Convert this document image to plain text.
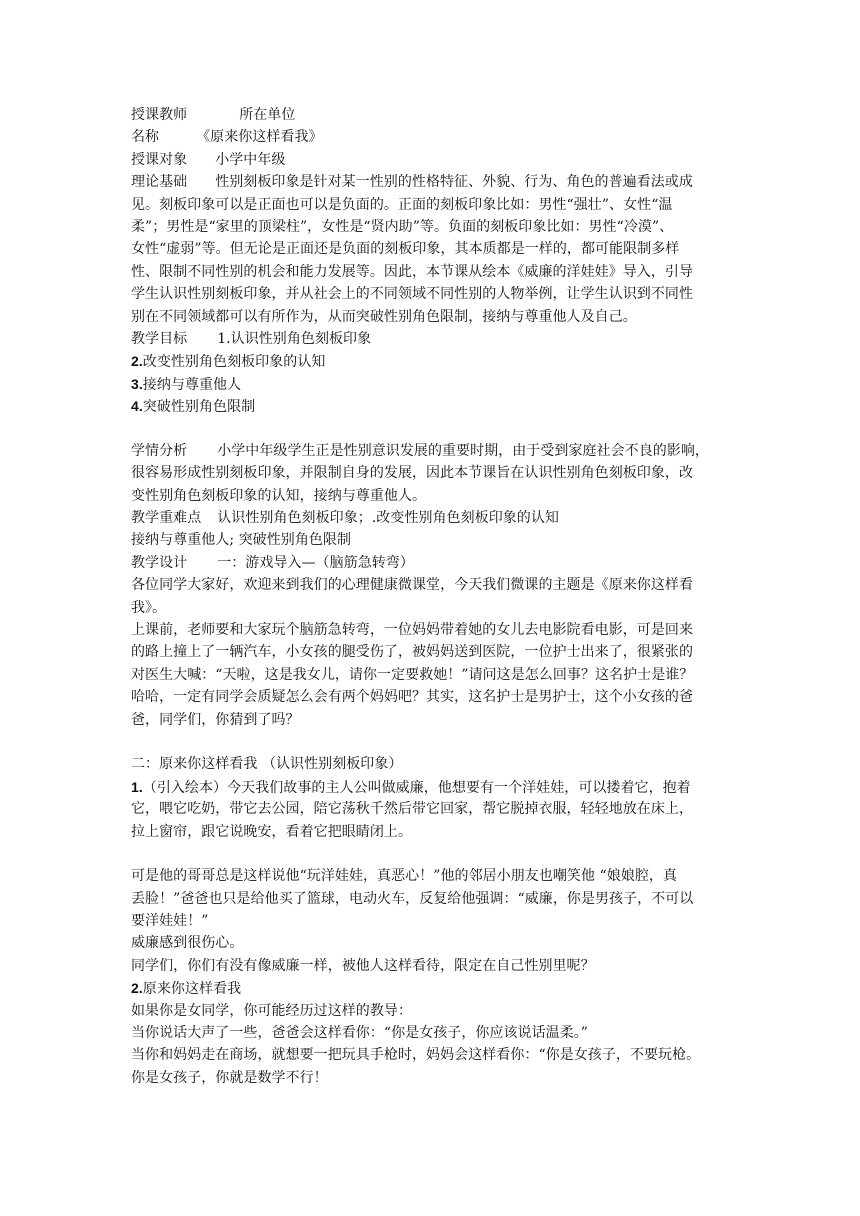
授课教师	所在单位
名称	《原来你这样看我》
授课对象 小学中年级
理论基础 性别刻板印象是针对某一性别的性格特征、外貌、行为、角色的普遍看法或成
见。刻板印象可以是正面也可以是负面的。正面的刻板印象比如：男性“强壮”、女性“温
柔”；男性是“家里的顶梁柱”，女性是“贤内助”等。负面的刻板印象比如：男性“冷漠”、
女性“虚弱”等。但无论是正面还是负面的刻板印象，其本质都是一样的，都可能限制多样
性、限制不同性别的机会和能力发展等。因此，本节课从绘本《威廉的洋娃娃》导入，引导
学生认识性别刻板印象，并从社会上的不同领域不同性别的人物举例，让学生认识到不同性
别在不同领域都可以有所作为，从而突破性别角色限制，接纳与尊重他人及自己。
教学目标 1.认识性别角色刻板印象
2.改变性别角色刻板印象的认知
3.接纳与尊重他人
4.突破性别角色限制
学情分析 小学中年级学生正是性别意识发展的重要时期，由于受到家庭社会不良的影响，
很容易形成性别刻板印象，并限制自身的发展，因此本节课旨在认识性别角色刻板印象，改
变性别角色刻板印象的认知，接纳与尊重他人。
教学重难点 认识性别角色刻板印象；.改变性别角色刻板印象的认知
接纳与尊重他人; 突破性别角色限制
教学设计 一：游戏导入—（脑筋急转弯）
各位同学大家好，欢迎来到我们的心理健康微课堂，今天我们微课的主题是《原来你这样看
我》。
上课前，老师要和大家玩个脑筋急转弯，一位妈妈带着她的女儿去电影院看电影，可是回来
的路上撞上了一辆汽车，小女孩的腿受伤了，被妈妈送到医院，一位护士出来了，很紧张的
对医生大喊：“天啦，这是我女儿，请你一定要救她！”请问这是怎么回事？这名护士是谁？
哈哈，一定有同学会质疑怎么会有两个妈妈吧？其实，这名护士是男护士，这个小女孩的爸
爸，同学们，你猜到了吗？
二：原来你这样看我 （认识性别刻板印象）
1.（引入绘本）今天我们故事的主人公叫做威廉，他想要有一个洋娃娃，可以搂着它，抱着
它，喂它吃奶，带它去公园，陪它荡秋千然后带它回家，帮它脱掉衣服，轻轻地放在床上，
拉上窗帘，跟它说晚安，看着它把眼睛闭上。
可是他的哥哥总是这样说他“玩洋娃娃，真恶心！”他的邻居小朋友也嘲笑他 “娘娘腔，真
丢脸！”爸爸也只是给他买了篮球，电动火车，反复给他强调：“威廉，你是男孩子，不可以
要洋娃娃！”
威廉感到很伤心。
同学们，你们有没有像威廉一样，被他人这样看待，限定在自己性别里呢？
2.原来你这样看我
如果你是女同学，你可能经历过这样的教导：
当你说话大声了一些，爸爸会这样看你：“你是女孩子，你应该说话温柔。”
当你和妈妈走在商场，就想要一把玩具手枪时，妈妈会这样看你：“你是女孩子，不要玩枪。
你是女孩子，你就是数学不行！
